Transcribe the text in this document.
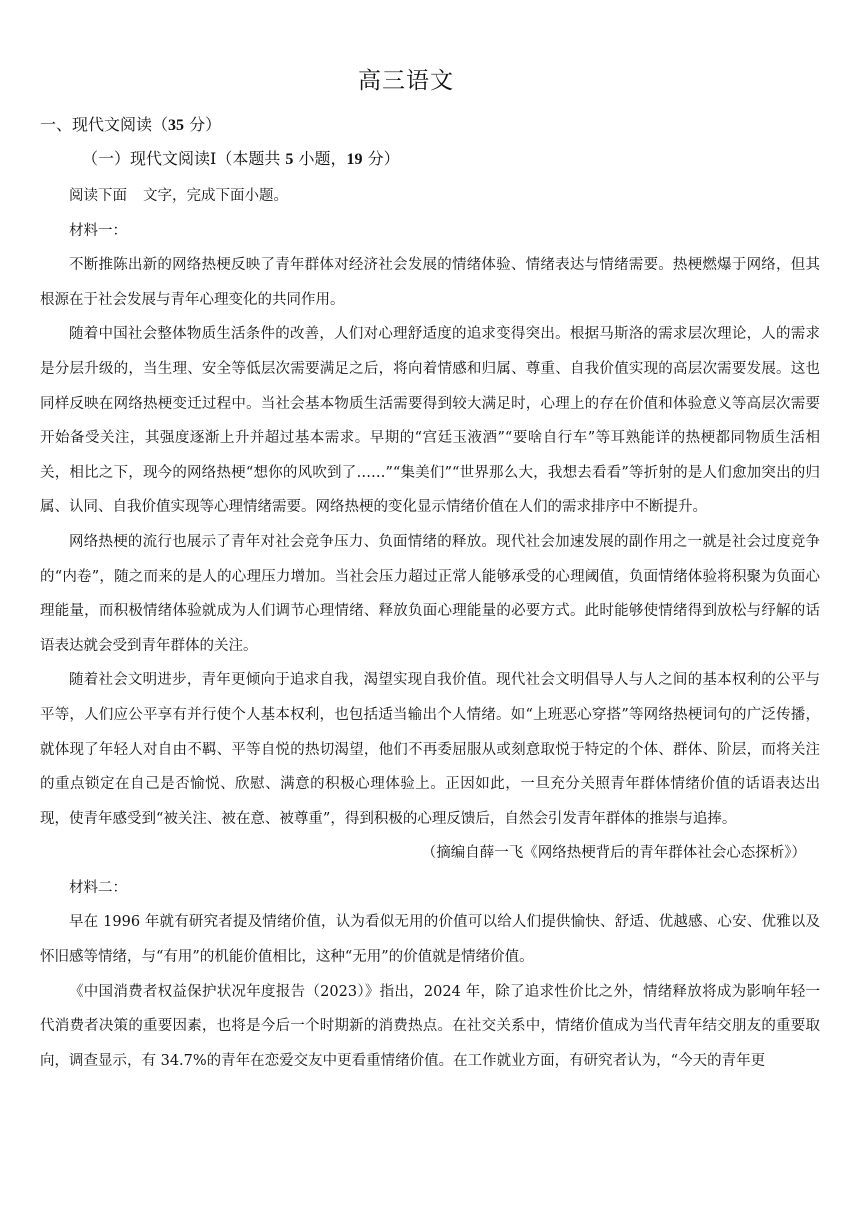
高三语文
一、现代文阅读（35 分）
（一）现代文阅读Ⅰ（本题共 5 小题，19 分）

阅读下面 文字，完成下面小题。

材料一：

不断推陈出新的网络热梗反映了青年群体对经济社会发展的情绪体验、情绪表达与情绪需要。热梗燃爆于网络，但其根源在于社会发展与青年心理变化的共同作用。

随着中国社会整体物质生活条件的改善，人们对心理舒适度的追求变得突出。根据马斯洛的需求层次理论，人的需求是分层升级的，当生理、安全等低层次需要满足之后，将向着情感和归属、尊重、自我价值实现的高层次需要发展。这也同样反映在网络热梗变迁过程中。当社会基本物质生活需要得到较大满足时，心理上的存在价值和体验意义等高层次需要开始备受关注，其强度逐渐上升并超过基本需求。早期的“宫廷玉液酒”“要啥自行车”等耳熟能详的热梗都同物质生活相关，相比之下，现今的网络热梗“想你的风吹到了……”“集美们”“世界那么大，我想去看看”等折射的是人们愈加突出的归属、认同、自我价值实现等心理情绪需要。网络热梗的变化显示情绪价值在人们的需求排序中不断提升。

网络热梗的流行也展示了青年对社会竞争压力、负面情绪的释放。现代社会加速发展的副作用之一就是社会过度竞争的“内卷”，随之而来的是人的心理压力增加。当社会压力超过正常人能够承受的心理阈值，负面情绪体验将积聚为负面心理能量，而积极情绪体验就成为人们调节心理情绪、释放负面心理能量的必要方式。此时能够使情绪得到放松与纾解的话语表达就会受到青年群体的关注。

随着社会文明进步，青年更倾向于追求自我，渴望实现自我价值。现代社会文明倡导人与人之间的基本权利的公平与平等，人们应公平享有并行使个人基本权利，也包括适当输出个人情绪。如“上班恶心穿搭”等网络热梗词句的广泛传播，就体现了年轻人对自由不羁、平等自悦的热切渴望，他们不再委屈服从或刻意取悦于特定的个体、群体、阶层，而将关注的重点锁定在自己是否愉悦、欣慰、满意的积极心理体验上。正因如此，一旦充分关照青年群体情绪价值的话语表达出现，使青年感受到“被关注、被在意、被尊重”，得到积极的心理反馈后，自然会引发青年群体的推崇与追捧。

（摘编自薛一飞《网络热梗背后的青年群体社会心态探析》）

材料二：

早在 1996 年就有研究者提及情绪价值，认为看似无用的价值可以给人们提供愉快、舒适、优越感、心安、优雅以及怀旧感等情绪，与“有用”的机能价值相比，这种“无用”的价值就是情绪价值。

《中国消费者权益保护状况年度报告（2023）》指出，2024 年，除了追求性价比之外，情绪释放将成为影响年轻一代消费者决策的重要因素，也将是今后一个时期新的消费热点。在社交关系中，情绪价值成为当代青年结交朋友的重要取向，调查显示，有 34.7%的青年在恋爱交友中更看重情绪价值。在工作就业方面，有研究者认为，“今天的青年更
